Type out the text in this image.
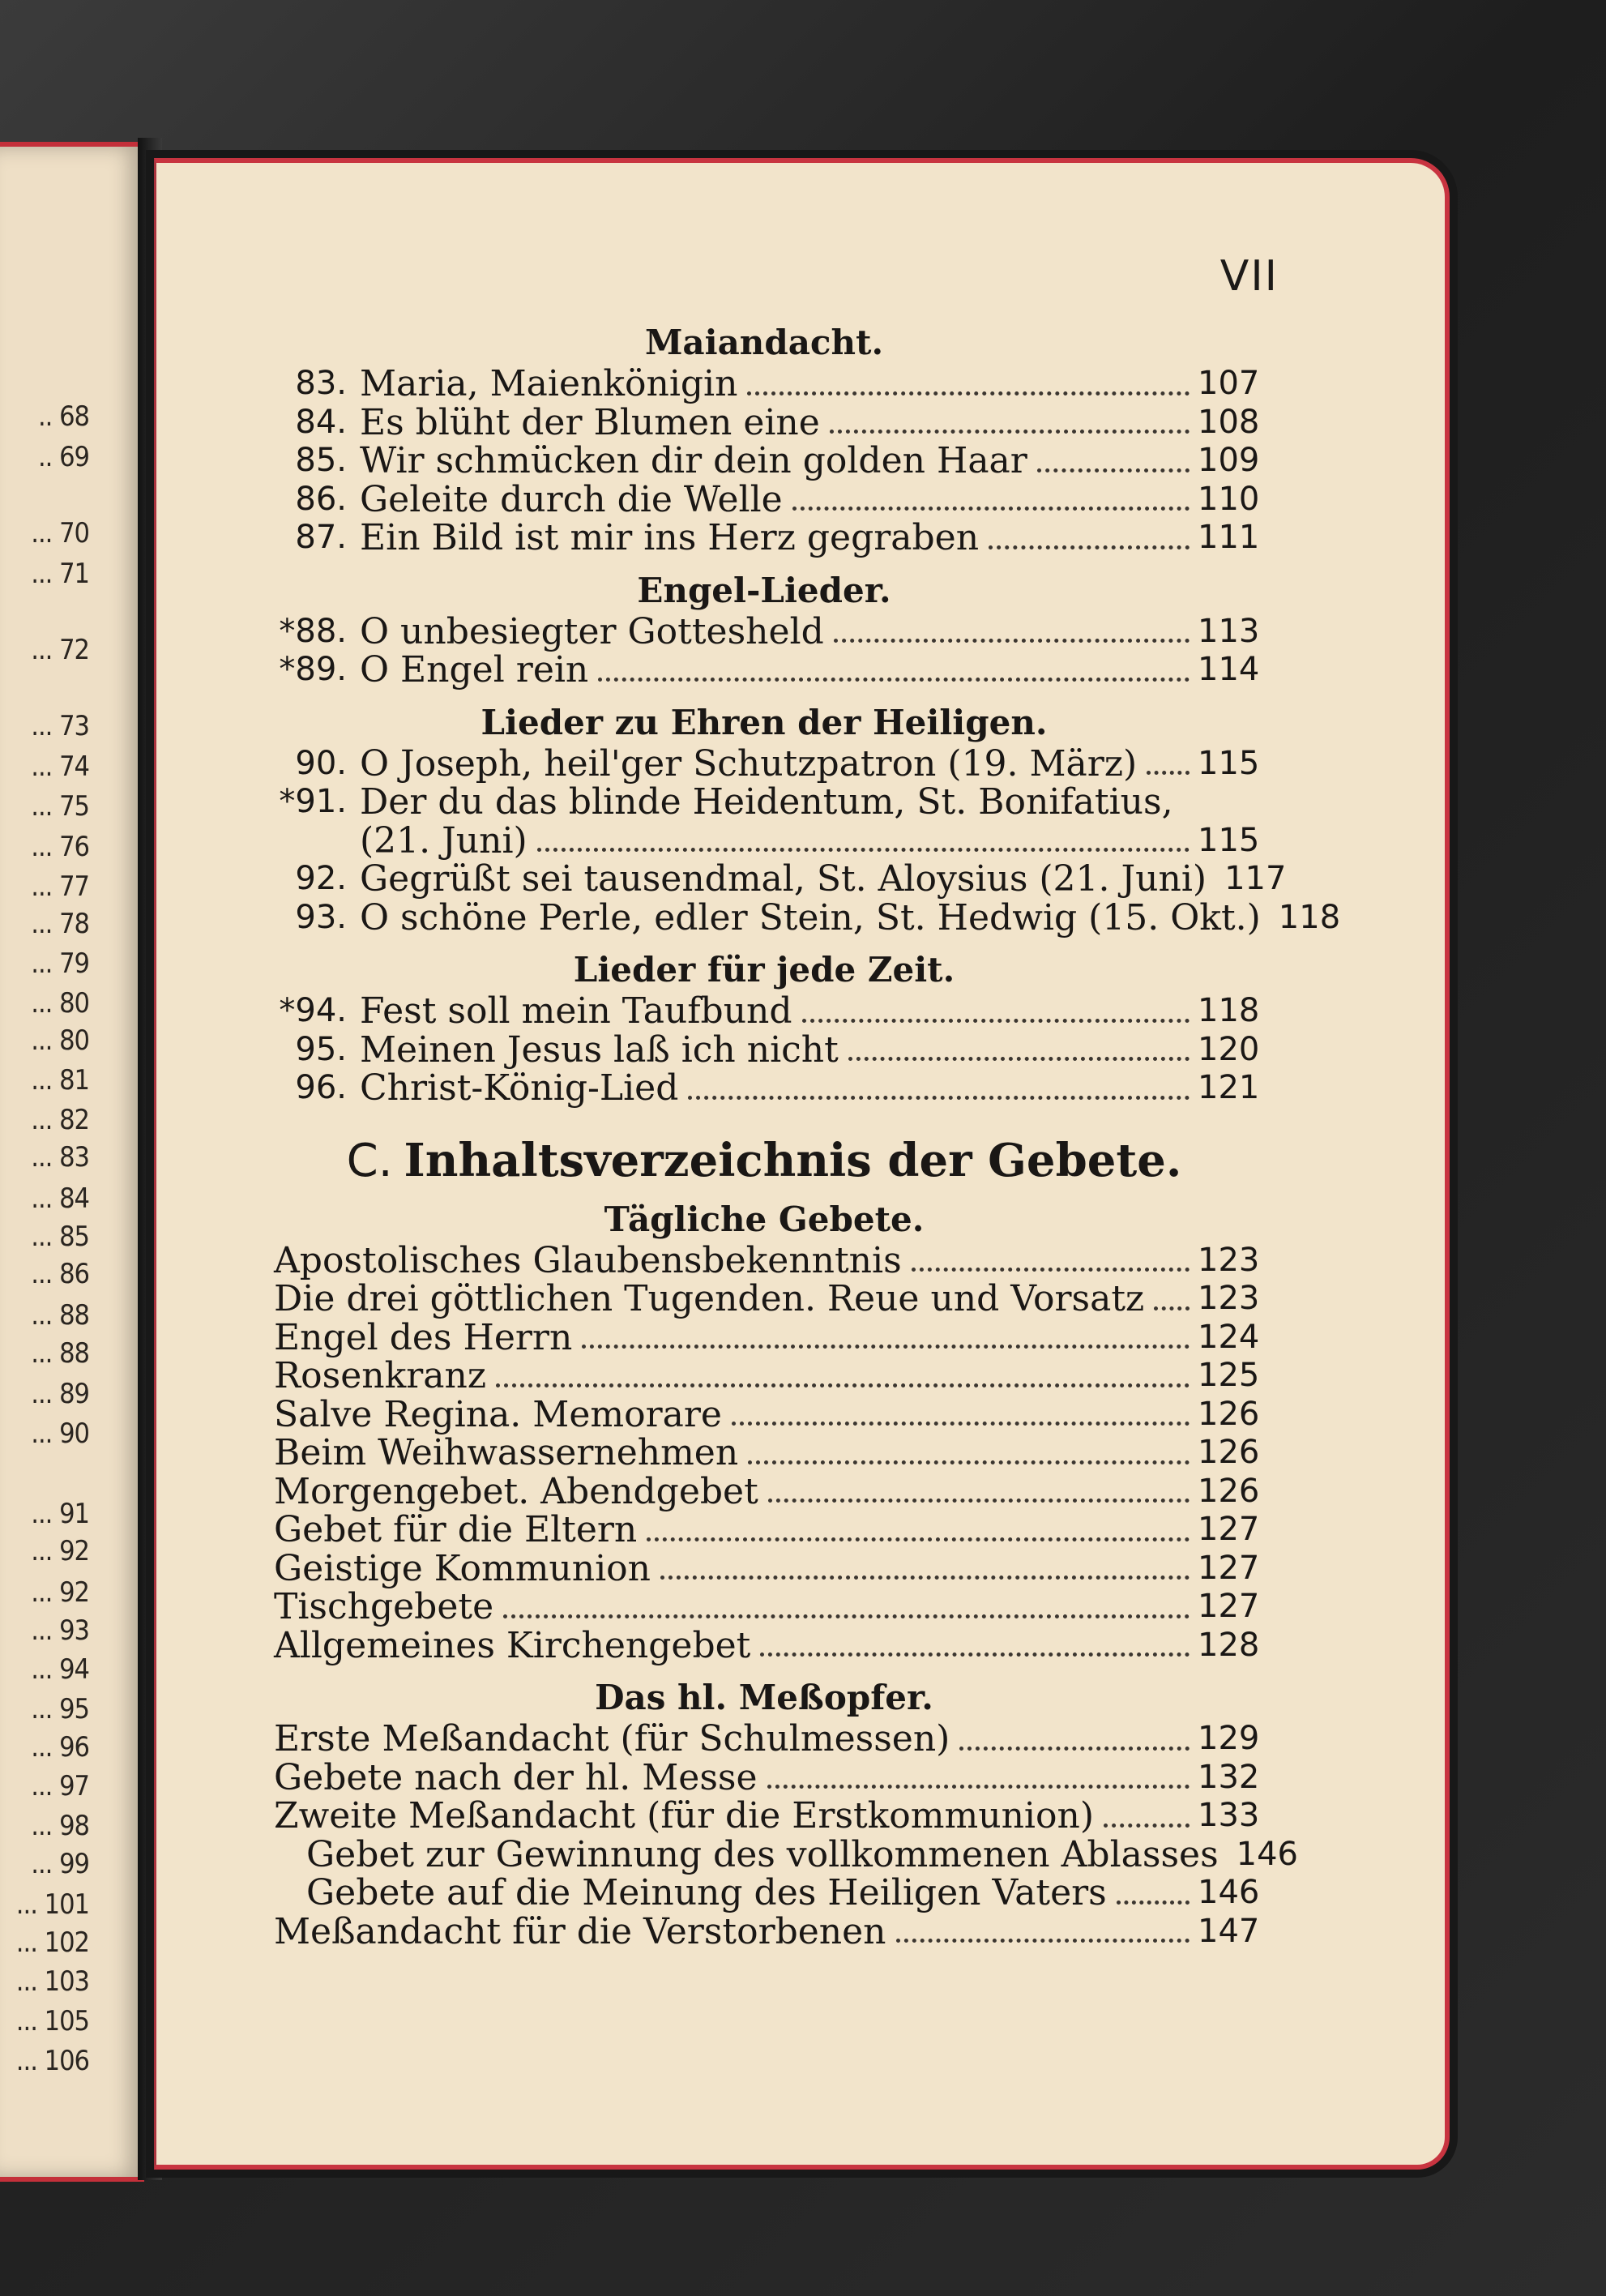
.. 68
.. 69
... 70
... 71
... 72
... 73
... 74
... 75
... 76
... 77
... 78
... 79
... 80
... 80
... 81
... 82
... 83
... 84
... 85
... 86
... 88
... 88
... 89
... 90
... 91
... 92
... 92
... 93
... 94
... 95
... 96
... 97
... 98
... 99
... 101
... 102
... 103
... 105
... 106
VII
Maiandacht.
83. Maria, Maienkönigin	107
84. Es blüht der Blumen eine	108
85. Wir schmücken dir dein golden Haar	109
86. Geleite durch die Welle	110
87. Ein Bild ist mir ins Herz gegraben	111
Engel-Lieder.
*88. O unbesiegter Gottesheld	113
*89. O Engel rein	114
Lieder zu Ehren der Heiligen.
90. O Joseph, heil'ger Schutzpatron (19. März) 115
*91. Der du das blinde Heidentum, St. Bonifatius,
(21. Juni)	115
92. Gegrüßt sei tausendmal, St. Aloysius (21. Juni) 117
93. O schöne Perle, edler Stein, St. Hedwig (15. Okt.) 118
Lieder für jede Zeit.
*94. Fest soll mein Taufbund	118
95. Meinen Jesus laß ich nicht	120
96. Christ-König-Lied	121
C. Inhaltsverzeichnis der Gebete.
Tägliche Gebete.
Apostolisches Glaubensbekenntnis	123
Die drei göttlichen Tugenden. Reue und Vorsatz 123
Engel des Herrn	124
Rosenkranz	125
Salve Regina. Memorare	126
Beim Weihwassernehmen	126
Morgengebet. Abendgebet	126
Gebet für die Eltern	127
Geistige Kommunion	127
Tischgebete	127
Allgemeines Kirchengebet	128
Das hl. Meßopfer.
Erste Meßandacht (für Schulmessen)	129
Gebete nach der hl. Messe	132
Zweite Meßandacht (für die Erstkommunion)	133
Gebet zur Gewinnung des vollkommenen Ablasses 146
Gebete auf die Meinung des Heiligen Vaters	146
Meßandacht für die Verstorbenen	147
